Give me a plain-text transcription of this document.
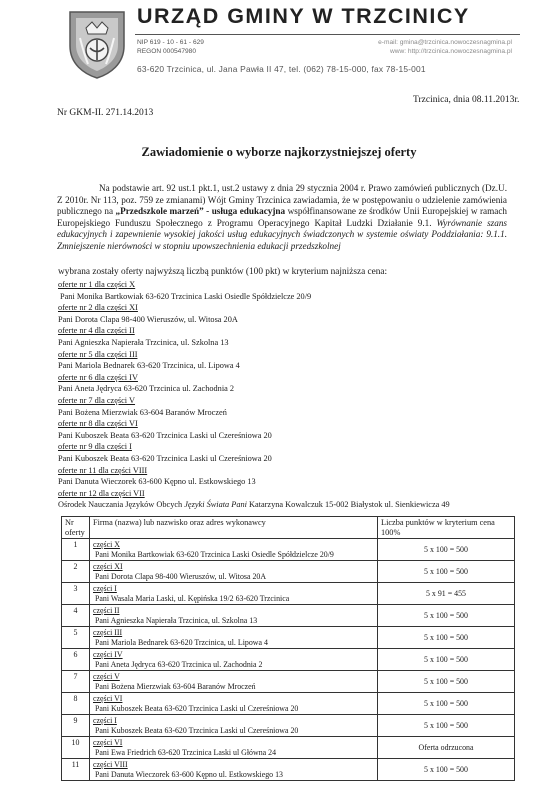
URZĄD GMINY W TRZCINICY
NIP 619 - 10 - 61 - 629
REGON 000547980
e-mail: gmina@trzcinica.nowoczesnagmina.pl
www: http://trzcinica.nowoczesnagmina.pl
63-620 Trzcinica, ul. Jana Pawła II 47, tel. (062) 78-15-000, fax 78-15-001
Trzcinica, dnia 08.11.2013r.
Nr GKM-II. 271.14.2013
Zawiadomienie o wyborze najkorzystniejszej oferty
Na podstawie art. 92 ust.1 pkt.1, ust.2 ustawy z dnia 29 stycznia 2004 r. Prawo zamówień publicznych (Dz.U. Z 2010r. Nr 113, poz. 759 ze zmianami) Wójt Gminy Trzcinica zawiadamia, że w postępowaniu o udzielenie zamówienia publicznego na „Przedszkole marzeń” - usługa edukacyjna współfinansowane ze środków Unii Europejskiej w ramach Europejskiego Funduszu Społecznego z Programu Operacyjnego Kapitał Ludzki Działanie 9.1. Wyrównanie szans edukacyjnych i zapewnienie wysokiej jakości usług edukacyjnych świadczonych w systemie oświaty Poddziałania: 9.1.1. Zmniejszenie nierówności w stopniu upowszechnienia edukacji przedszkolnej
wybrana zostały oferty najwyższą liczbą punktów (100 pkt) w kryterium najniższa cena:
oferte nr 1 dla części X
Pani Monika Bartkowiak 63-620 Trzcinica Laski Osiedle Spółdzielcze 20/9
oferte nr 2 dla części XI
Pani Dorota Clapa 98-400 Wieruszów, ul. Witosa 20A
oferte nr 4 dla części II
Pani Agnieszka Napierała Trzcinica, ul. Szkolna 13
oferte nr 5 dla części III
Pani Mariola Bednarek 63-620 Trzcinica, ul. Lipowa 4
oferte nr 6 dla części IV
Pani Aneta Jędryca 63-620 Trzcinica ul. Zachodnia 2
oferte nr 7 dla części V
Pani Bożena Mierzwiak 63-604 Baranów Mroczeń
oferte nr 8 dla części VI
Pani Kuboszek Beata 63-620 Trzcinica Laski ul Czereśniowa 20
oferte nr 9 dla części I
Pani Kuboszek Beata 63-620 Trzcinica Laski ul Czereśniowa 20
oferte nr 11 dla części VIII
Pani Danuta Wieczorek 63-600 Kępno ul. Estkowskiego 13
oferte nr 12 dla części VII
Ośrodek Nauczania Języków Obcych Języki Świata Pani Katarzyna Kowalczuk 15-002 Białystok ul. Sienkiewicza 49
Nr oferty	Firma (nazwa) lub nazwisko oraz adres wykonawcy	Liczba punktów w kryterium cena 100%
1	części X
Pani Monika Bartkowiak 63-620 Trzcinica Laski Osiedle Spółdzielcze 20/9	5 x 100 = 500
2	części XI
Pani Dorota Clapa 98-400 Wieruszów, ul. Witosa 20A	5 x 100 = 500
3	części I
Pani Wasala Maria Laski, ul. Kępińska 19/2 63-620 Trzcinica	5 x 91 = 455
4	części II
Pani Agnieszka Napierała Trzcinica, ul. Szkolna 13	5 x 100 = 500
5	części III
Pani Mariola Bednarek 63-620 Trzcinica, ul. Lipowa 4	5 x 100 = 500
6	części IV
Pani Aneta Jędryca 63-620 Trzcinica ul. Zachodnia 2	5 x 100 = 500
7	części V
Pani Bożena Mierzwiak 63-604 Baranów Mroczeń	5 x 100 = 500
8	części VI
Pani Kuboszek Beata 63-620 Trzcinica Laski ul Czereśniowa 20	5 x 100 = 500
9	części I
Pani Kuboszek Beata 63-620 Trzcinica Laski ul Czereśniowa 20	5 x 100 = 500
10	części VI
Pani Ewa Friedrich 63-620 Trzcinica Laski ul Główna 24	Oferta odrzucona
11	części VIII
Pani Danuta Wieczorek 63-600 Kępno ul. Estkowskiego 13	5 x 100 = 500
